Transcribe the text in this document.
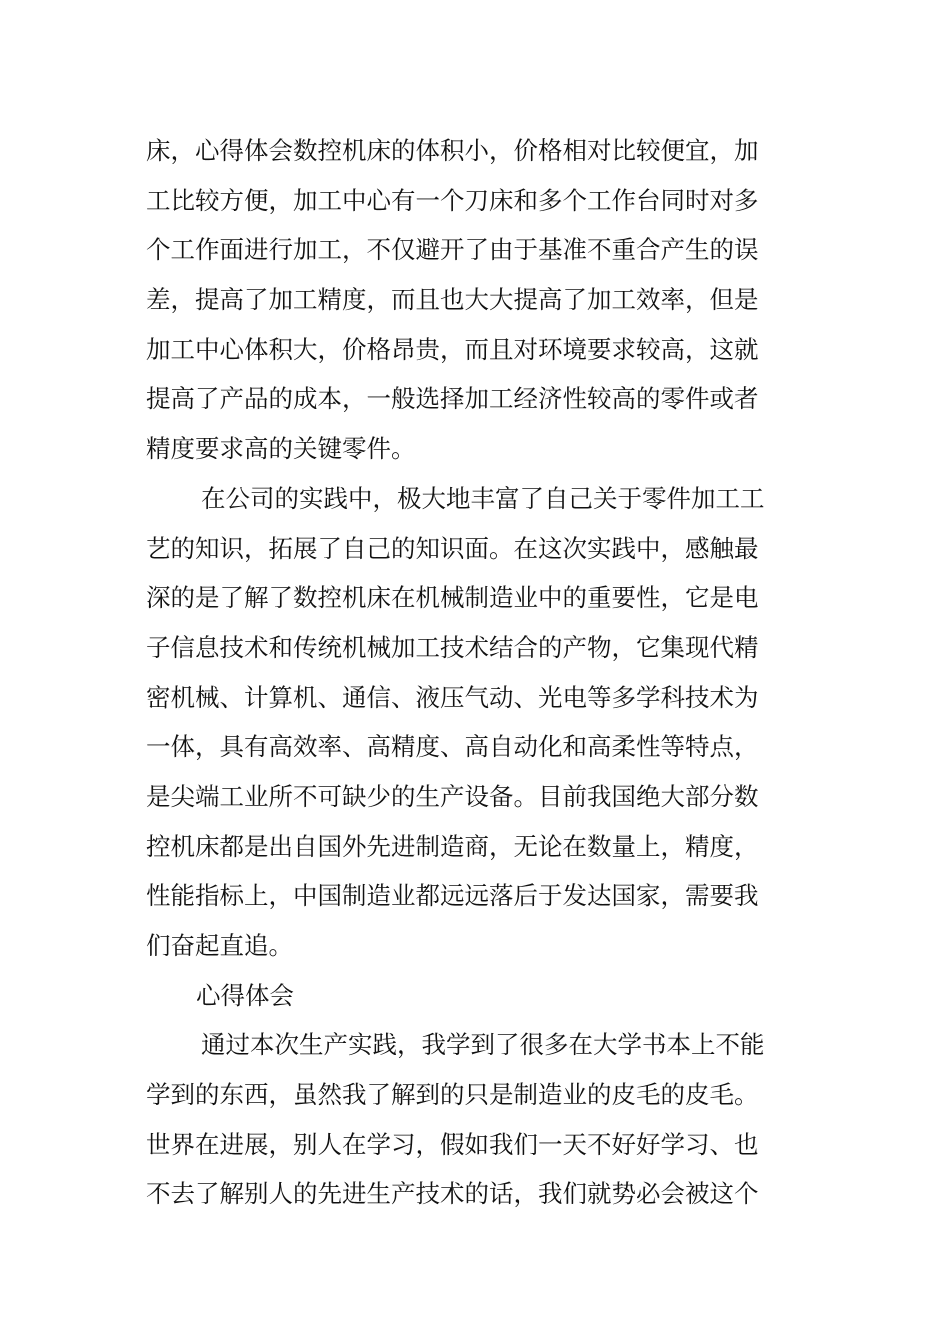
床，心得体会数控机床的体积小，价格相对比较便宜，加
工比较方便，加工中心有一个刀床和多个工作台同时对多
个工作面进行加工，不仅避开了由于基准不重合产生的误
差，提高了加工精度，而且也大大提高了加工效率，但是
加工中心体积大，价格昂贵，而且对环境要求较高，这就
提高了产品的成本，一般选择加工经济性较高的零件或者
精度要求高的关键零件。
在公司的实践中，极大地丰富了自己关于零件加工工
艺的知识，拓展了自己的知识面。在这次实践中，感触最
深的是了解了数控机床在机械制造业中的重要性，它是电
子信息技术和传统机械加工技术结合的产物，它集现代精
密机械、计算机、通信、液压气动、光电等多学科技术为
一体，具有高效率、高精度、高自动化和高柔性等特点，
是尖端工业所不可缺少的生产设备。目前我国绝大部分数
控机床都是出自国外先进制造商，无论在数量上，精度，
性能指标上，中国制造业都远远落后于发达国家，需要我
们奋起直追。
心得体会
通过本次生产实践，我学到了很多在大学书本上不能
学到的东西，虽然我了解到的只是制造业的皮毛的皮毛。
世界在进展，别人在学习，假如我们一天不好好学习、也
不去了解别人的先进生产技术的话，我们就势必会被这个
